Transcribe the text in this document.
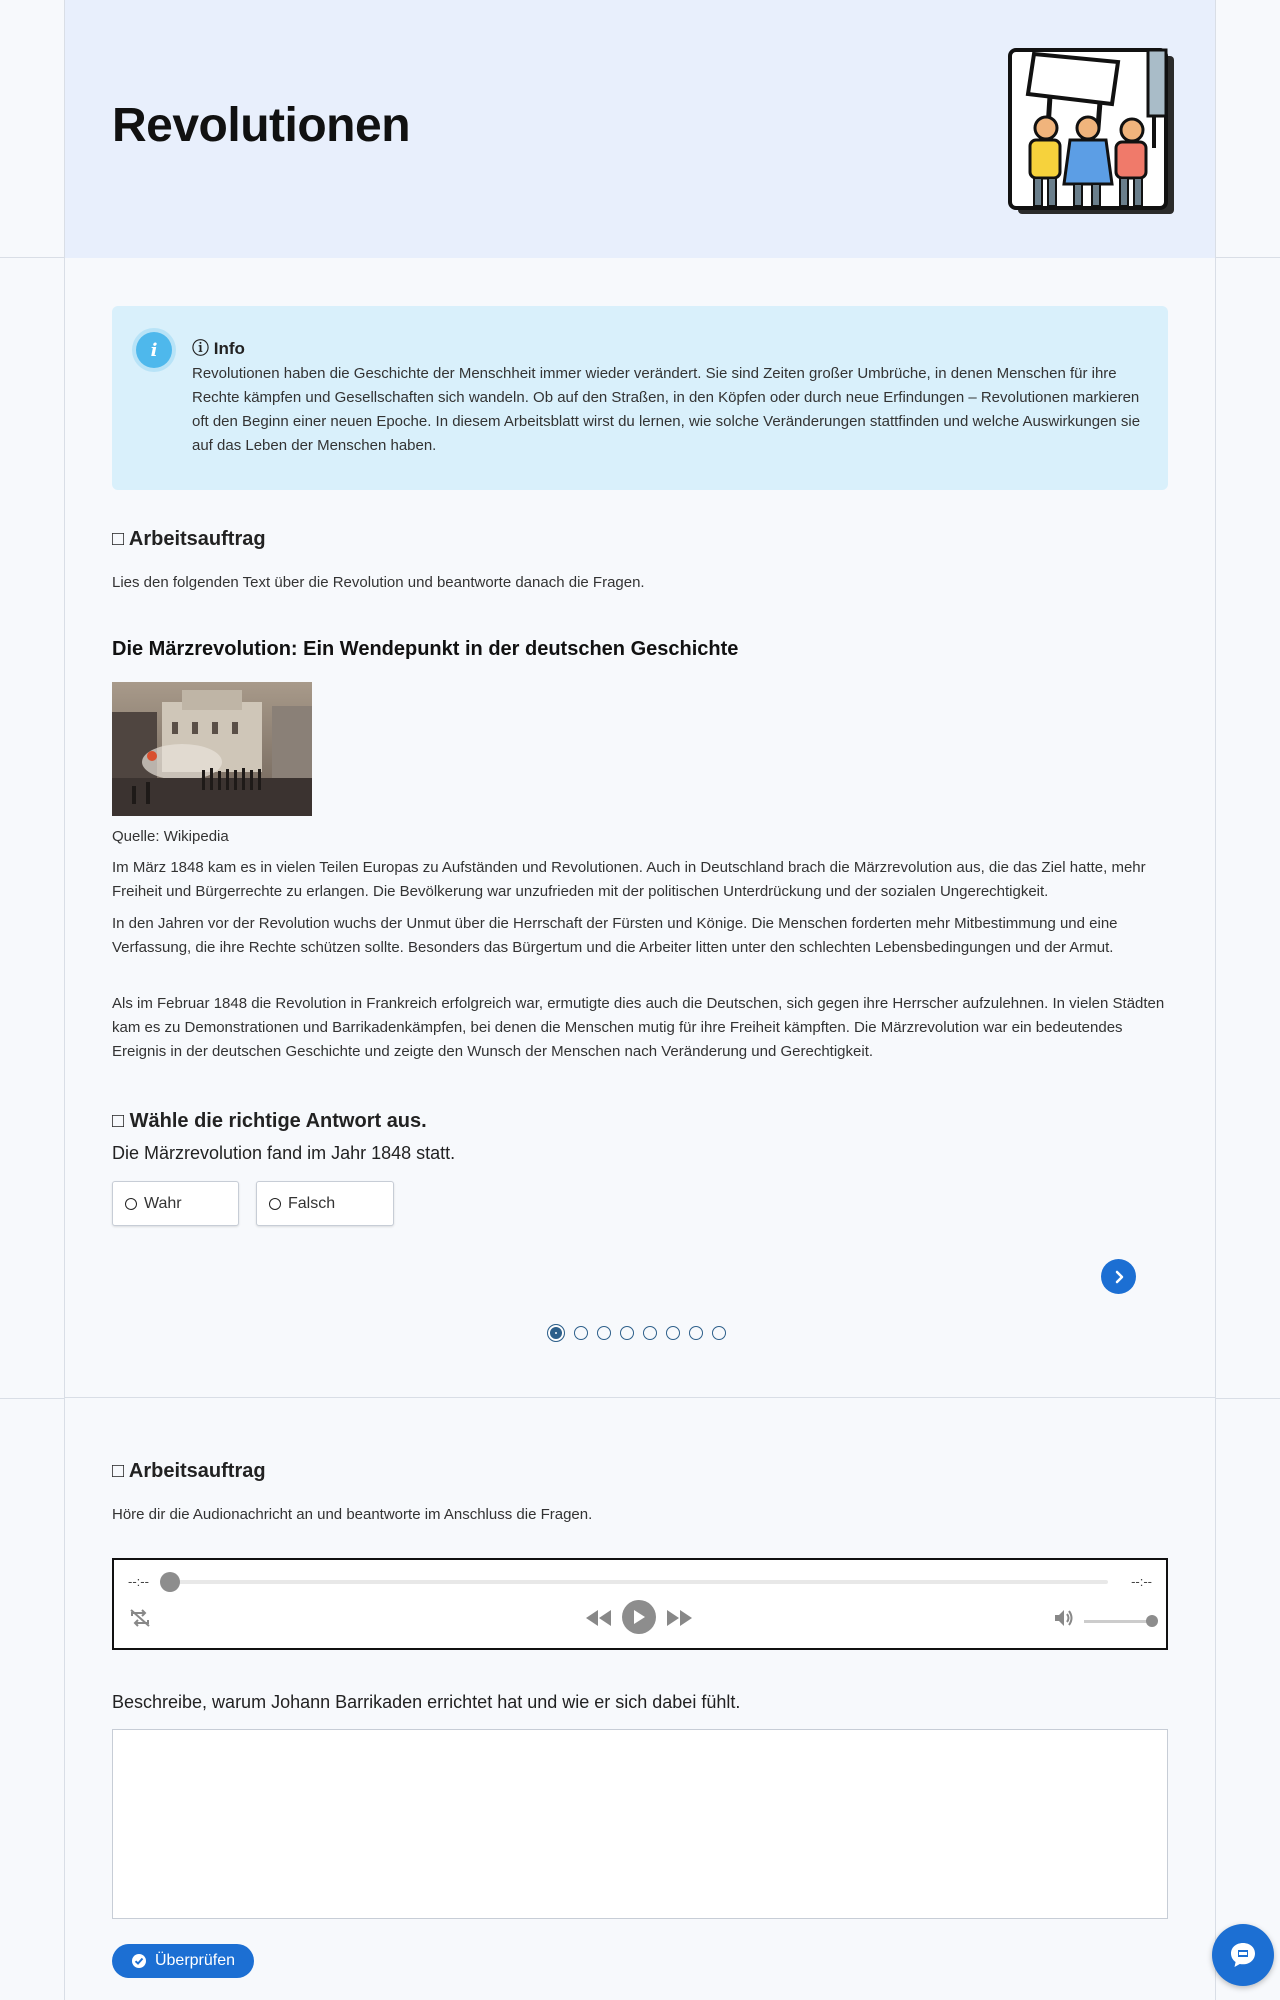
Revolutionen
i	ⓘ Info
Revolutionen haben die Geschichte der Menschheit immer wieder verändert. Sie sind Zeiten großer Umbrüche, in denen Menschen für ihre Rechte kämpfen und Gesellschaften sich wandeln. Ob auf den Straßen, in den Köpfen oder durch neue Erfindungen – Revolutionen markieren oft den Beginn einer neuen Epoche. In diesem Arbeitsblatt wirst du lernen, wie solche Veränderungen stattfinden und welche Auswirkungen sie auf das Leben der Menschen haben.
□ Arbeitsauftrag
Lies den folgenden Text über die Revolution und beantworte danach die Fragen.
Die Märzrevolution: Ein Wendepunkt in der deutschen Geschichte
Quelle: Wikipedia

Im März 1848 kam es in vielen Teilen Europas zu Aufständen und Revolutionen. Auch in Deutschland brach die Märzrevolution aus, die das Ziel hatte, mehr Freiheit und Bürgerrechte zu erlangen. Die Bevölkerung war unzufrieden mit der politischen Unterdrückung und der sozialen Ungerechtigkeit.

In den Jahren vor der Revolution wuchs der Unmut über die Herrschaft der Fürsten und Könige. Die Menschen forderten mehr Mitbestimmung und eine Verfassung, die ihre Rechte schützen sollte. Besonders das Bürgertum und die Arbeiter litten unter den schlechten Lebensbedingungen und der Armut.

Als im Februar 1848 die Revolution in Frankreich erfolgreich war, ermutigte dies auch die Deutschen, sich gegen ihre Herrscher aufzulehnen. In vielen Städten kam es zu Demonstrationen und Barrikadenkämpfen, bei denen die Menschen mutig für ihre Freiheit kämpften. Die Märzrevolution war ein bedeutendes Ereignis in der deutschen Geschichte und zeigte den Wunsch der Menschen nach Veränderung und Gerechtigkeit.

□ Wähle die richtige Antwort aus.
Die Märzrevolution fand im Jahr 1848 statt.
Wahr	Falsch
□ Arbeitsauftrag
Höre dir die Audionachricht an und beantworte im Anschluss die Fragen.
--:--	--:--
Beschreibe, warum Johann Barrikaden errichtet hat und wie er sich dabei fühlt.
Überprüfen
